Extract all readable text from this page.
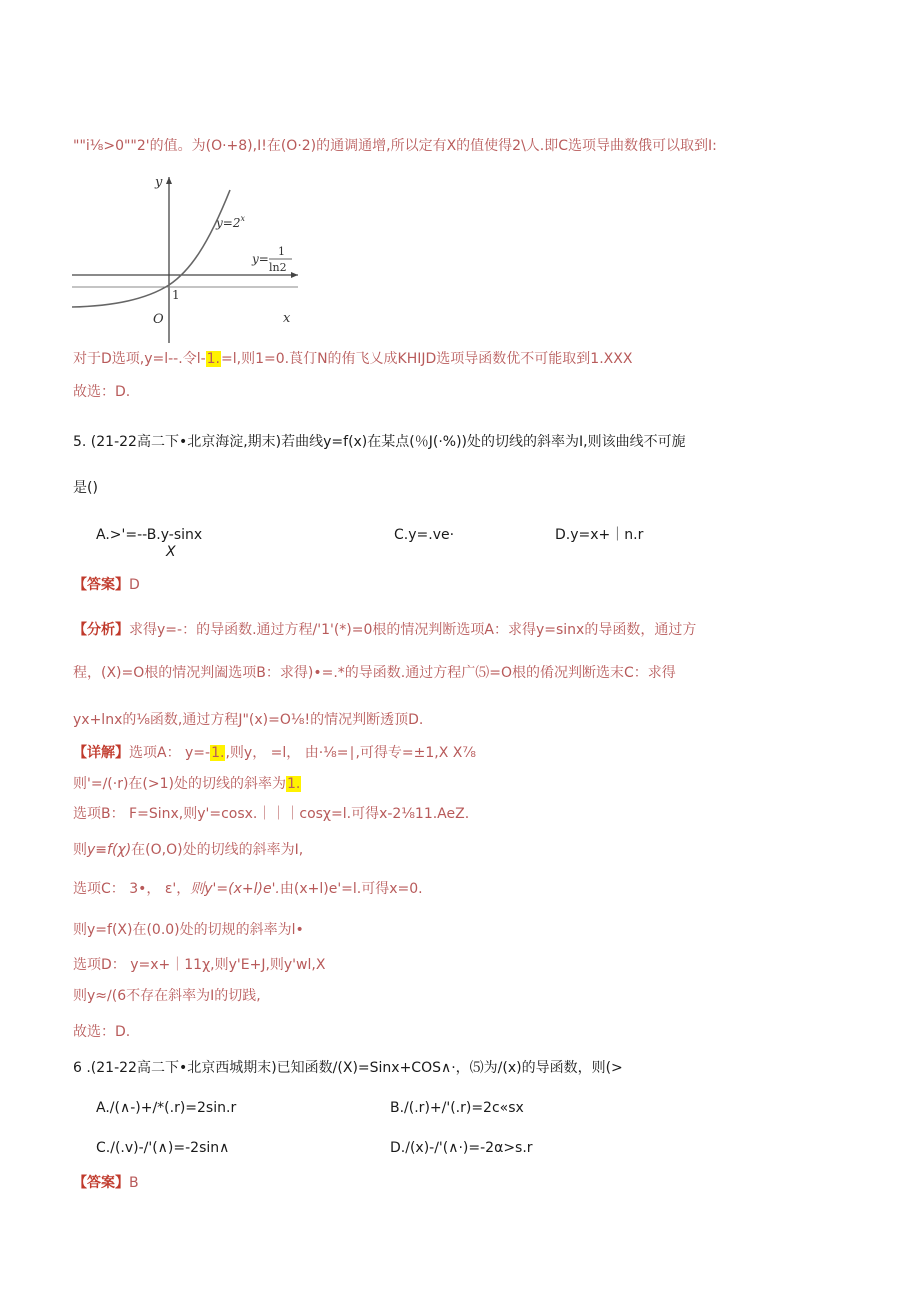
""i⅛>0""2'的值。为(O·+8),I!在(O·2)的通调通增,所以定有X的值使得2\人.即C选项导曲数俄可以取到I:
y
x
O
1
$y=2^x$
y=
1
ln2
对于D选项,y=l--.令l-1.=l,则1=0.莨仃N的侑飞乂成KHIJD选项导函数优不可能取到1.XXX
故选：D.
5. (21-22高二下•北京海淀,期末)若曲线y=f(x)在某点(％J(·%))处的切线的斜率为I,则该曲线不可旎
是()
A.>'=--B.y-sinx
X
C.y=.ve·	D.y=x+｜n.r
【答案】D
【分析】求得y=-：的导函数.通过方程/'1'(*)=0根的情况判断选项A：求得y=sinx的导函数，通过方
程，(X)=O根的情况判阖选项B：求得)•=.*的导函数.通过方程广⑸=O根的倄况判断选末C：求得
yx+lnx的⅛函数,通过方程J"(x)=O⅛!的情况判断透顶D.
【详解】选项A： y=-1.,则y， =l， 由·⅛=∣,可得专=±1,X X⅞
则'=∕(·r)在(>1)处的切线的斜率为1.
选项B： F=Sinx,则y'=cosx.｜｜｜cosχ=l.可得x-2⅛11.AeZ.
则y≡f(χ)在(O,O)处的切线的斜率为I,
选项C： 3•， ε'，则y'=(x+l)e'.由(x+l)e'=l.可得x=0.
则y=f(X)在(0.0)处的切规的斜率为l•
选项D： y=x+｜11χ,则y'E+J,则y'wl,X
则y≈∕(6不存在斜率为I的切践,
故选：D.
6 .(21-22高二下•北京西城期末)已知函数/(X)=Sinx+COS∧·，⑸为/(x)的导函数，则(>
A./(∧-)+∕*(.r)=2sin.r	B./(.r)+/'(.r)=2c«sx
C./(.v)-∕'(∧)=-2sin∧	D./(x)-∕'(∧·)=-2α>s.r
【答案】B
